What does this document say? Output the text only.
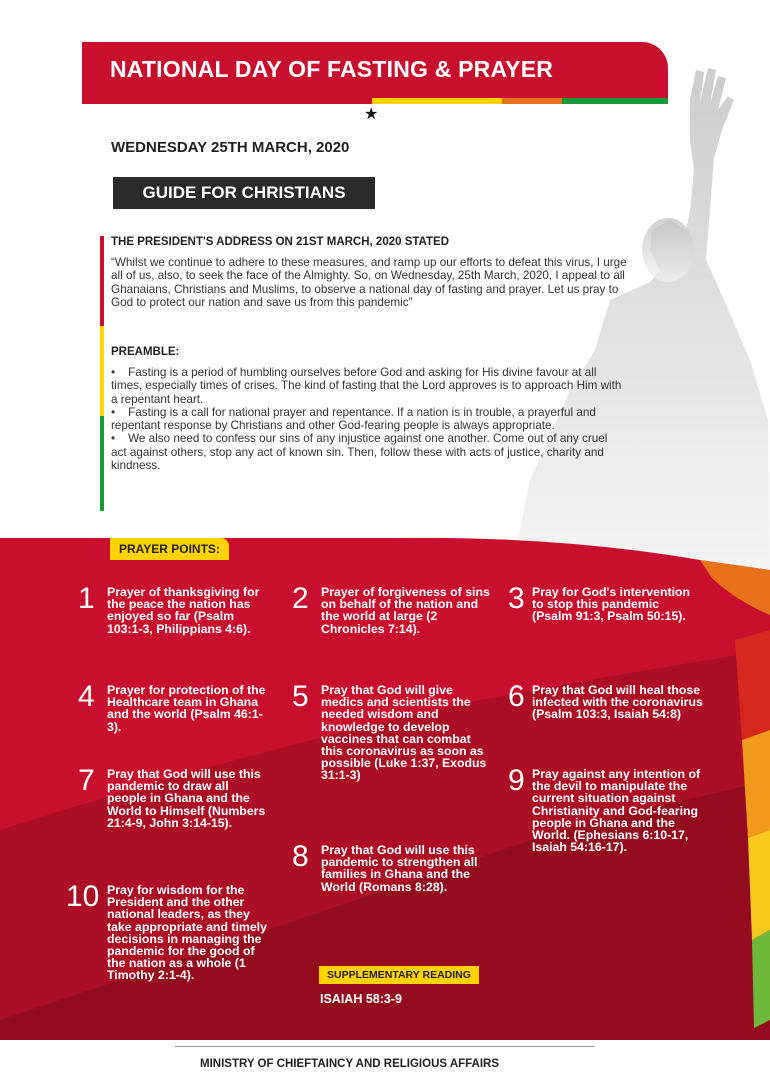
NATIONAL DAY OF FASTING & PRAYER
★
WEDNESDAY 25TH MARCH, 2020
GUIDE FOR CHRISTIANS
THE PRESIDENT'S ADDRESS ON 21ST MARCH, 2020 STATED
“Whilst we continue to adhere to these measures, and ramp up our efforts to defeat this virus, I urge all of us, also, to seek the face of the Almighty. So, on Wednesday, 25th March, 2020, I appeal to all Ghanaians, Christians and Muslims, to observe a national day of fasting and prayer. Let us pray to God to protect our nation and save us from this pandemic”
PREAMBLE:
•    Fasting is a period of humbling ourselves before God and asking for His divine favour at all times, especially times of crises. The kind of fasting that the Lord approves is to approach Him with a repentant heart.
•    Fasting is a call for national prayer and repentance. If a nation is in trouble, a prayerful and repentant response by Christians and other God-fearing people is always appropriate.
•    We also need to confess our sins of any injustice against one another. Come out of any cruel act against others, stop any act of known sin. Then, follow these with acts of justice, charity and kindness.
PRAYER POINTS:
1 Prayer of thanksgiving for the peace the nation has enjoyed so far (Psalm 103:1-3, Philippians 4:6).
2 Prayer of forgiveness of sins on behalf of the nation and the world at large (2 Chronicles 7:14).
3 Pray for God's intervention to stop this pandemic (Psalm 91:3, Psalm 50:15).
4 Prayer for protection of the Healthcare team in Ghana and the world (Psalm 46:1-3).
5 Pray that God will give medics and scientists the needed wisdom and knowledge to develop vaccines that can combat this coronavirus as soon as possible (Luke 1:37, Exodus 31:1-3)
6 Pray that God will heal those infected with the coronavirus (Psalm 103:3, Isaiah 54:8)
7 Pray that God will use this pandemic to draw all people in Ghana and the World to Himself (Numbers 21:4-9, John 3:14-15).
8 Pray that God will use this pandemic to strengthen all families in Ghana and the World (Romans 8:28).
9 Pray against any intention of the devil to manipulate the current situation against Christianity and God-fearing people in Ghana and the World. (Ephesians 6:10-17, Isaiah 54:16-17).
10 Pray for wisdom for the President and the other national leaders, as they take appropriate and timely decisions in managing the pandemic for the good of the nation as a whole (1 Timothy 2:1-4).	SUPPLEMENTARY READING
ISAIAH 58:3-9
MINISTRY OF CHIEFTAINCY AND RELIGIOUS AFFAIRS
